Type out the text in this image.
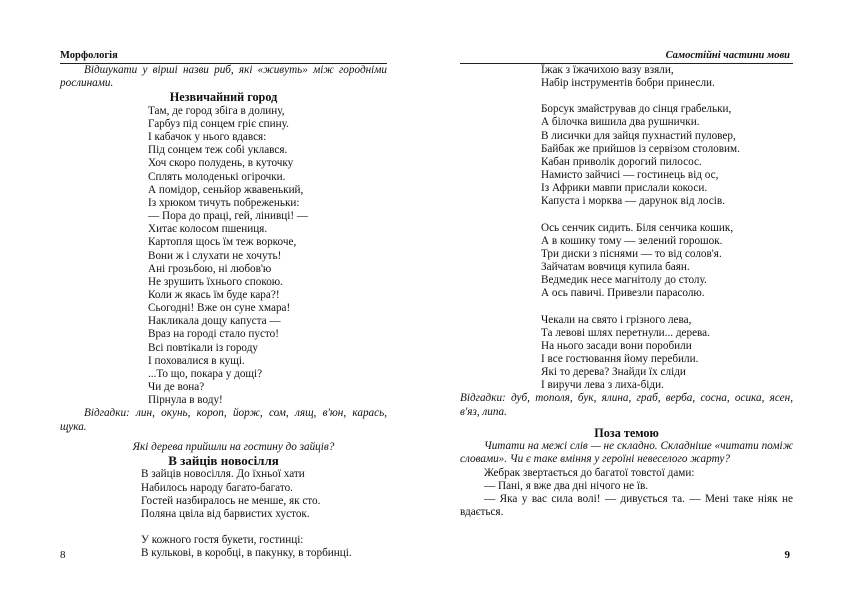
Морфологія
Відшукати у вірші назви риб, які «живуть» між городніми рослинами.
Незвичайний город
Там, де город збіга в долину,
Гарбуз під сонцем гріє спину.
І кабачок у нього вдався:
Під сонцем теж собі уклався.
Хоч скоро полудень, в куточку
Сплять молоденькі огірочки.
А помідор, сеньйор жвавенький,
Із хрюком тичуть побреженьки:
— Пора до праці, гей, лінивці! —
Хитає колосом пшениця.
Картопля щось їм теж воркоче,
Вони ж і слухати не хочуть!
Ані грозьбою, ні любов'ю
Не зрушить їхнього спокою.
Коли ж якась їм буде кара?!
Сьогодні! Вже он суне хмара!
Накликала дощу капуста —
Враз на городі стало пусто!
Всі повтікали із городу
І поховалися в кущі.
...То що, покара у дощі?
Чи де вона?
Пірнула в воду!
Відгадки: лин, окунь, короп, йорж, сом, лящ, в'юн, карась, щука.
Які дерева прийшли на гостину до зайців?
В зайців новосілля
В зайців новосілля. До їхньої хати
Набилось народу багато-багато.
Гостей назбиралось не менше, як сто.
Поляна цвіла від барвистих хусток.
У кожного гостя букети, гостинці:
В кулькові, в коробці, в пакунку, в торбинці.
8
Самостійні частини мови
Їжак з їжачихою вазу взяли,
Набір інструментів бобри принесли.
Борсук змайстрував до сінця грабельки,
А білочка вишила два рушнички.
В лисички для зайця пухнастий пуловер,
Байбак же прийшов із сервізом столовим.
Кабан приволік дорогий пилосос.
Намисто зайчисі — гостинець від ос,
Із Африки мавпи прислали кокоси.
Капуста і морква — дарунок від лосів.
Ось сенчик сидить. Біля сенчика кошик,
А в кошику тому — зелений горошок.
Три диски з піснями — то від солов'я.
Зайчатам вовчиця купила баян.
Ведмедик несе магнітолу до столу.
А ось павичі. Привезли парасолю.
Чекали на свято і грізного лева,
Та левові шлях перетнули... дерева.
На нього засади вони поробили
І все гостювання йому перебили.
Які то дерева? Знайди їх сліди
І виручи лева з лиха-біди.
Відгадки: дуб, тополя, бук, ялина, граб, верба, сосна, осика, ясен, в'яз, липа.
Поза темою
Читати на межі слів — не складно. Складніше «читати поміж словами». Чи є таке вміння у героїні невеселого жарту?
Жебрак звертається до багатої товстої дами:
— Пані, я вже два дні нічого не їв.
— Яка у вас сила волі! — дивується та. — Мені таке ніяк не вдається.
9
